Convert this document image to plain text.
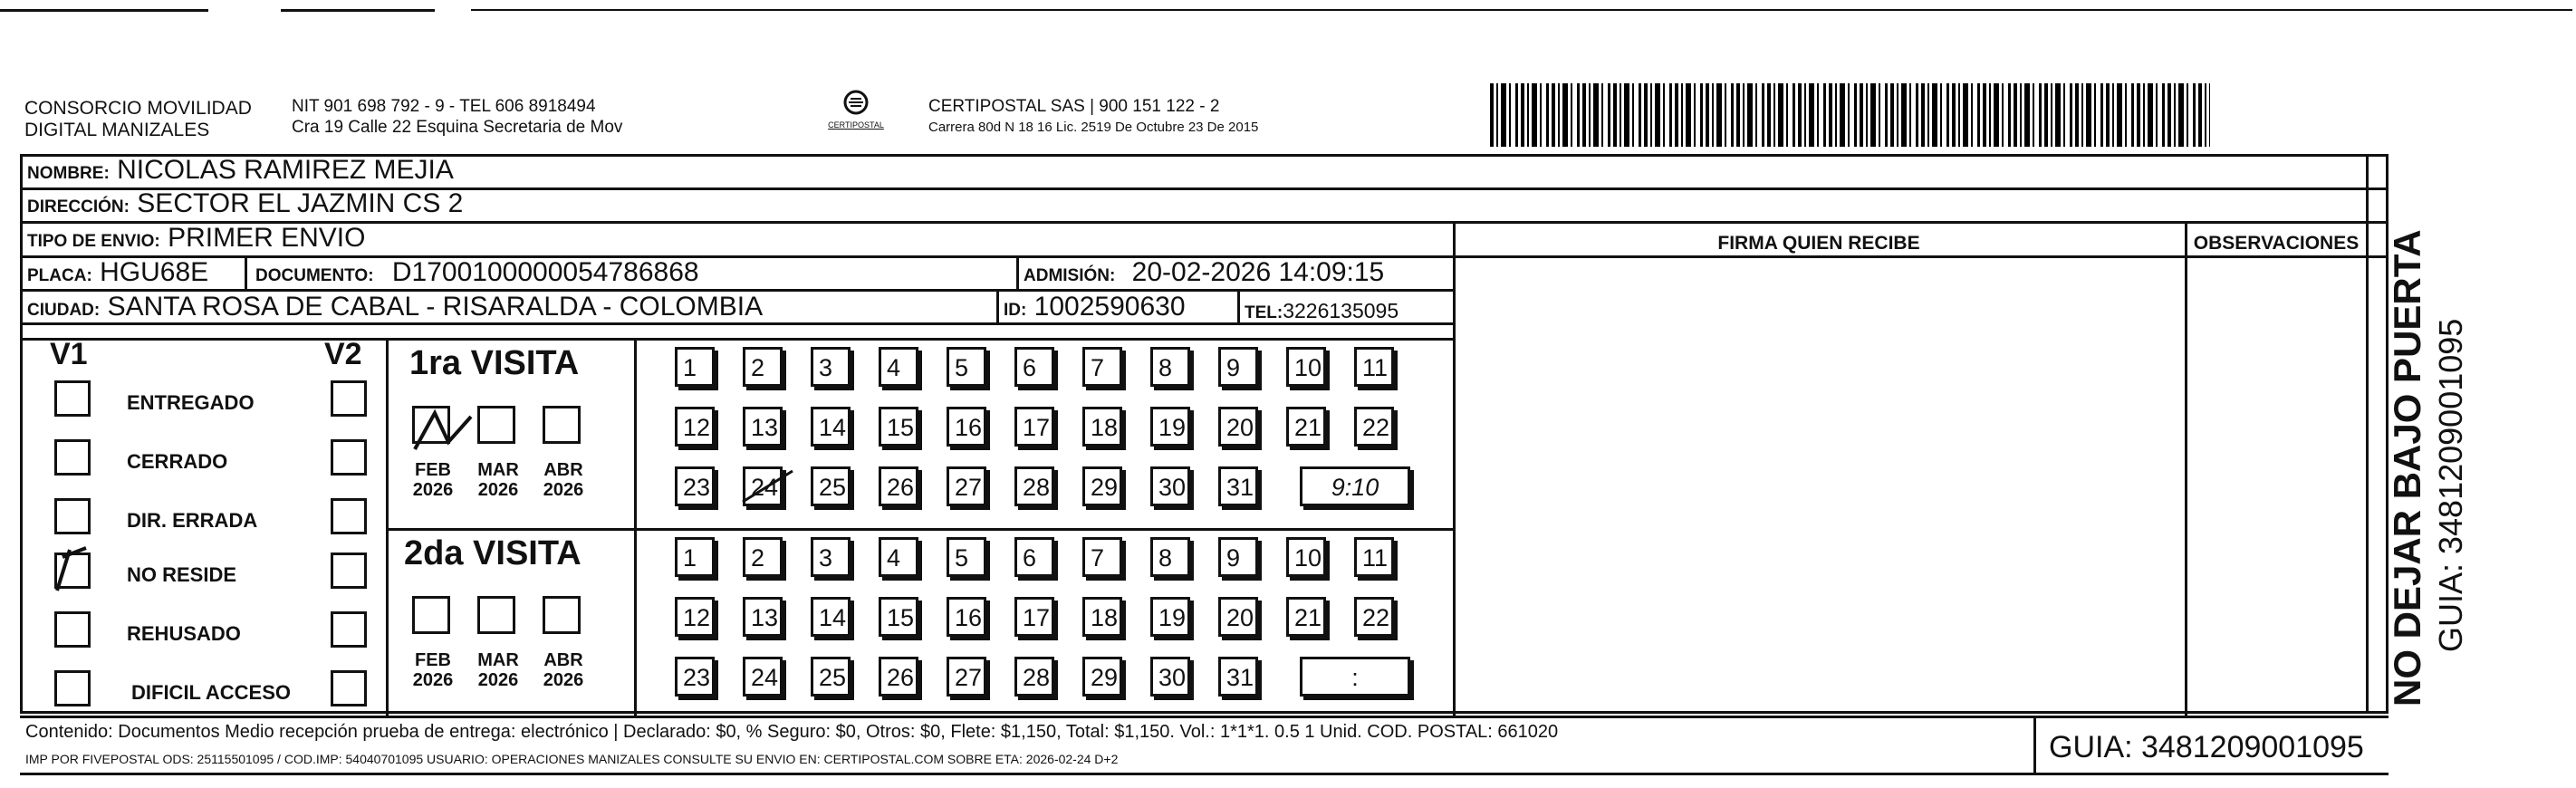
CONSORCIO MOVILIDAD
DIGITAL MANIZALES
NIT 901 698 792 - 9 - TEL 606 8918494
Cra 19 Calle 22 Esquina Secretaria de Mov	CERTIPOSTAL
CERTIPOSTAL SAS | 900 151 122 - 2
Carrera 80d N 18 16 Lic. 2519 De Octubre 23 De 2015
NOMBRE: NICOLAS RAMIREZ MEJIA
DIRECCIÓN: SECTOR EL JAZMIN CS 2
TIPO DE ENVIO: PRIMER ENVIO	FIRMA QUIEN RECIBE	OBSERVACIONES
PLACA: HGU68E	DOCUMENTO: D1700100000054786868	ADMISIÓN: 20-02-2026 14:09:15
CIUDAD: SANTA ROSA DE CABAL - RISARALDA - COLOMBIA	ID: 1002590630	TEL:3226135095
V1	V2
ENTREGADO
CERRADO
DIR. ERRADA
NO RESIDE
REHUSADO
DIFICIL ACCESO
1ra VISITA
2da VISITA
FEB
2026
MAR
2026
ABR
2026
FEB
2026
MAR
2026
ABR
2026
1	2	3	4	5	6	7	8	9	10	11
12	13	14	15	16	17	18	19	20	21	22
23	24	25	26	27	28	29	30	31	9:10
1	2	3	4	5	6	7	8	9	10	11
12	13	14	15	16	17	18	19	20	21	22
23	24	25	26	27	28	29	30	31	:	NO DEJAR BAJO PUERTA GUIA: 3481209001095
Contenido: Documentos Medio recepción prueba de entrega: electrónico | Declarado: $0, % Seguro: $0, Otros: $0, Flete: $1,150, Total: $1,150. Vol.: 1*1*1. 0.5 1 Unid. COD. POSTAL: 661020
IMP POR FIVEPOSTAL ODS: 25115501095 / COD.IMP: 54040701095 USUARIO: OPERACIONES MANIZALES CONSULTE SU ENVIO EN: CERTIPOSTAL.COM SOBRE ETA: 2026-02-24 D+2	GUIA: 3481209001095
